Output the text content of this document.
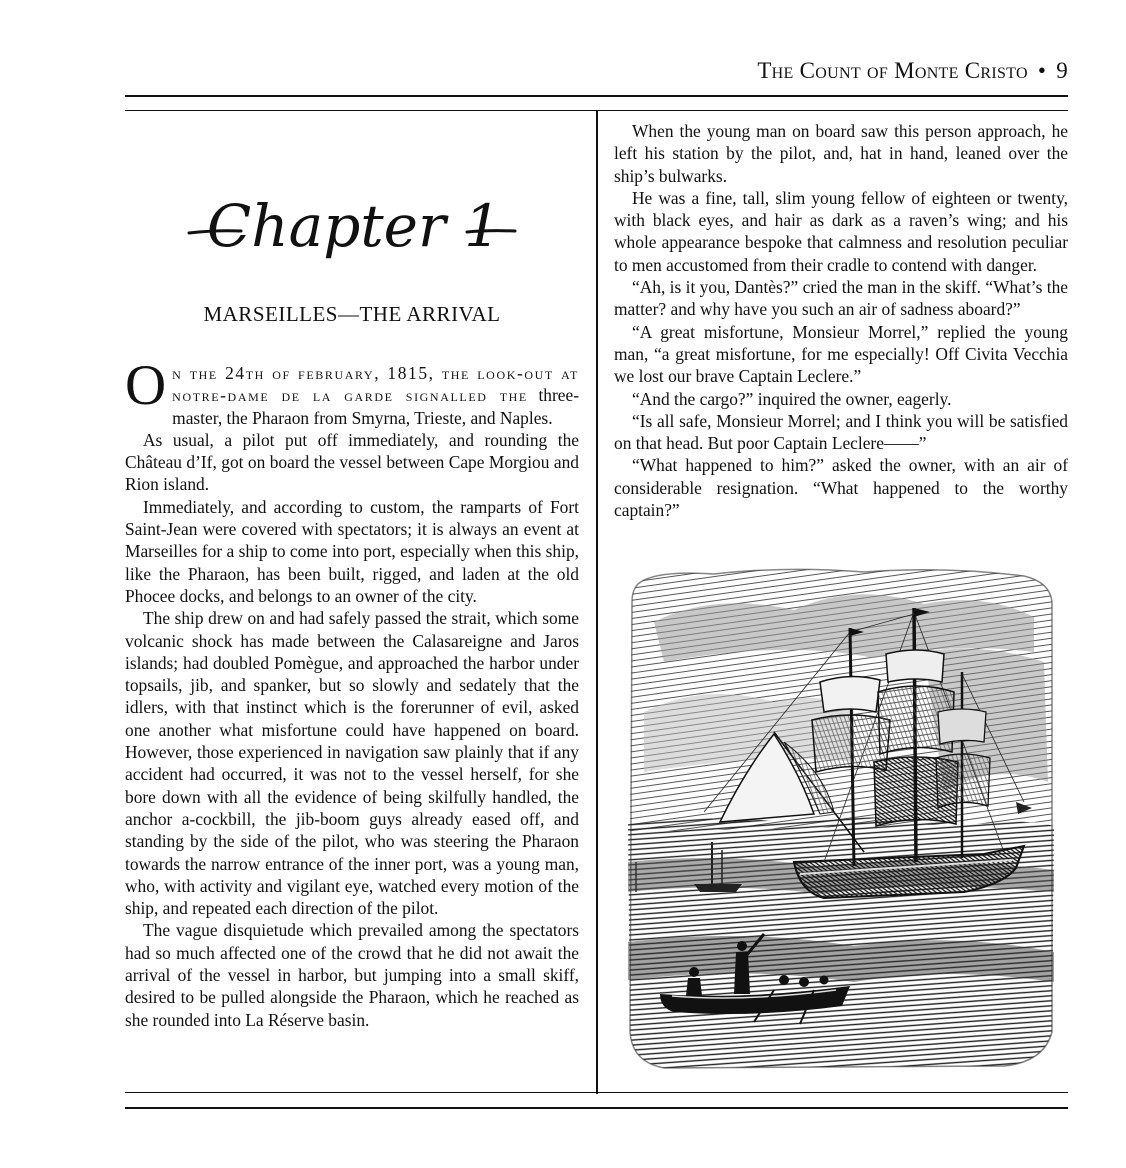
The Count of Monte Cristo • 9
Chapter 1
MARSEILLES—THE ARRIVAL

On the 24th of february, 1815, the look-out at notre-dame de la garde signalled the three-master, the Pharaon from Smyrna, Trieste, and Naples.

As usual, a pilot put off immediately, and rounding the Château d’If, got on board the vessel between Cape Morgiou and Rion island.

Immediately, and according to custom, the ramparts of Fort Saint-Jean were covered with spectators; it is always an event at Marseilles for a ship to come into port, especially when this ship, like the Pharaon, has been built, rigged, and laden at the old Phocee docks, and belongs to an owner of the city.

The ship drew on and had safely passed the strait, which some volcanic shock has made between the Calasareigne and Jaros islands; had doubled Pomègue, and approached the harbor under topsails, jib, and spanker, but so slowly and sedately that the idlers, with that instinct which is the forerunner of evil, asked one another what misfortune could have happened on board. However, those experienced in navigation saw plainly that if any accident had occurred, it was not to the vessel herself, for she bore down with all the evidence of being skilfully handled, the anchor a-cockbill, the jib-boom guys already eased off, and standing by the side of the pilot, who was steering the Pharaon towards the narrow entrance of the inner port, was a young man, who, with activity and vigilant eye, watched every motion of the ship, and repeated each direction of the pilot.

The vague disquietude which prevailed among the spectators had so much affected one of the crowd that he did not await the arrival of the vessel in harbor, but jumping into a small skiff, desired to be pulled alongside the Pharaon, which he reached as she rounded into La Réserve basin.

When the young man on board saw this person approach, he left his station by the pilot, and, hat in hand, leaned over the ship’s bulwarks.

He was a fine, tall, slim young fellow of eighteen or twenty, with black eyes, and hair as dark as a raven’s wing; and his whole appearance bespoke that calmness and resolution peculiar to men accustomed from their cradle to contend with danger.

“Ah, is it you, Dantès?” cried the man in the skiff. “What’s the matter? and why have you such an air of sadness aboard?”

“A great misfortune, Monsieur Morrel,” replied the young man, “a great misfortune, for me especially! Off Civita Vecchia we lost our brave Captain Leclere.”

“And the cargo?” inquired the owner, eagerly.

“Is all safe, Monsieur Morrel; and I think you will be satisfied on that head. But poor Captain Leclere——”

“What happened to him?” asked the owner, with an air of considerable resignation. “What happened to the worthy captain?”
